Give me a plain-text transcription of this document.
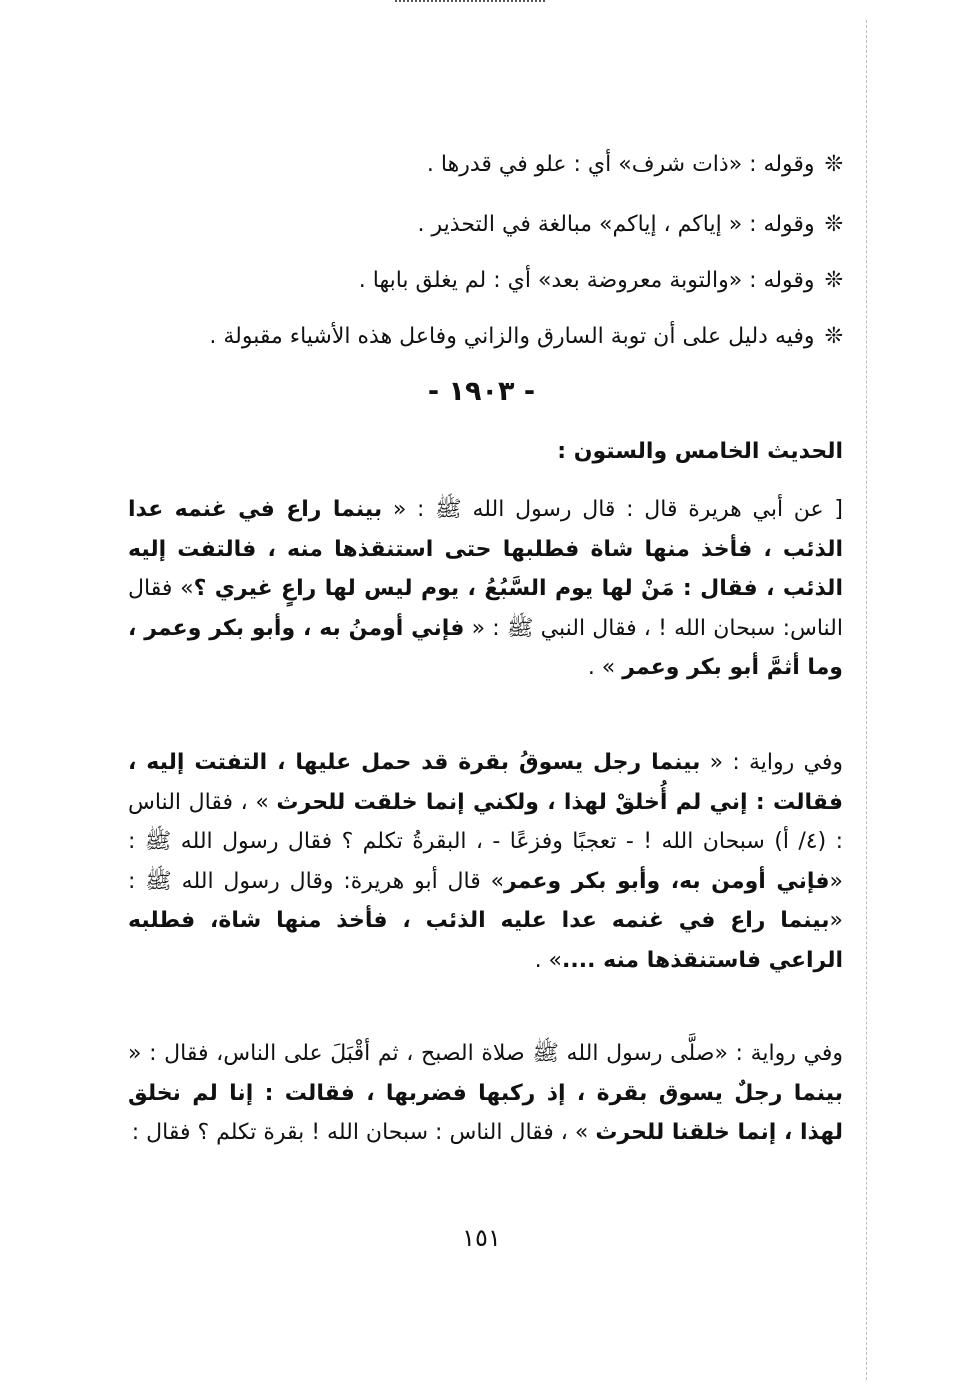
❊وقوله : «ذات شرف» أي : علو في قدرها .
❊وقوله : « إياكم ، إياكم» مبالغة في التحذير .
❊وقوله : «والتوبة معروضة بعد» أي : لم يغلق بابها .
❊وفيه دليل على أن توبة السارق والزاني وفاعل هذه الأشياء مقبولة .
- ١٩٠٣ -
الحديث الخامس والستون :
[ عن أبي هريرة قال : قال رسول الله ﷺ : « بينما راع في غنمه عدا الذئب ، فأخذ منها شاة فطلبها حتى استنقذها منه ، فالتفت إليه الذئب ، فقال : مَنْ لها يوم السَّبُعُ ، يوم ليس لها راعٍ غيري ؟» فقال الناس: سبحان الله ! ، فقال النبي ﷺ : « فإني أومنُ به ، وأبو بكر وعمر ، وما أثمَّ أبو بكر وعمر » .
وفي رواية : « بينما رجل يسوقُ بقرة قد حمل عليها ، التفتت إليه ، فقالت : إني لم أُخلقْ لهذا ، ولكني إنما خلقت للحرث » ، فقال الناس : (٤/ أ) سبحان الله ! - تعجبًا وفزعًا - ، البقرةُ تكلم ؟ فقال رسول الله ﷺ : «فإني أومن به، وأبو بكر وعمر» قال أبو هريرة: وقال رسول الله ﷺ : «بينما راع في غنمه عدا عليه الذئب ، فأخذ منها شاة، فطلبه الراعي فاستنقذها منه ....» .
وفي رواية : «صلَّى رسول الله ﷺ صلاة الصبح ، ثم أقْبَلَ على الناس، فقال : « بينما رجلٌ يسوق بقرة ، إذ ركبها فضربها ، فقالت : إنا لم نخلق لهذا ، إنما خلقنا للحرث » ، فقال الناس : سبحان الله ! بقرة تكلم ؟ فقال :
١٥١
